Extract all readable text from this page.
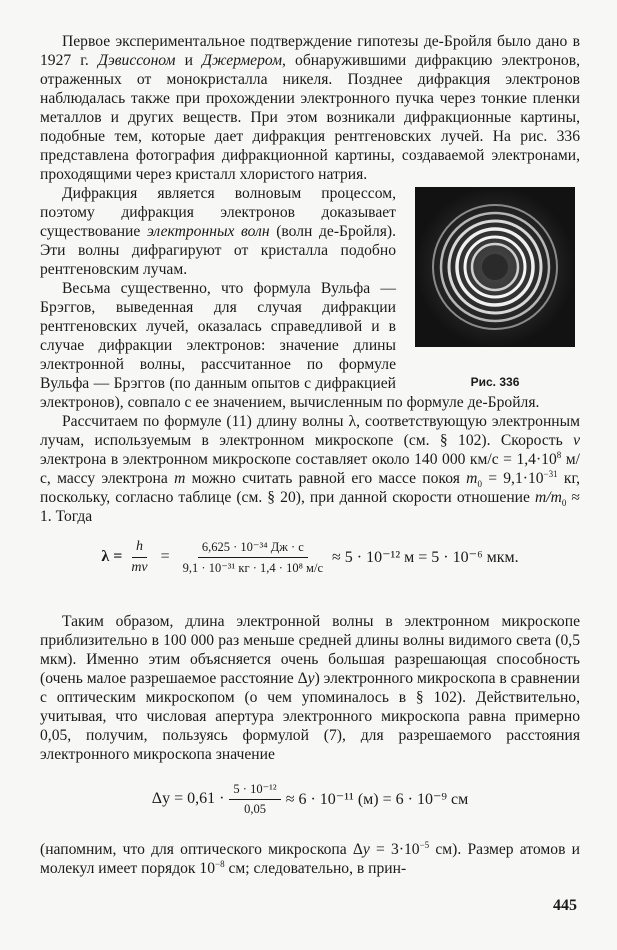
Первое экспериментальное подтверждение гипотезы де-Бройля было дано в 1927 г. Дэвиссоном и Джермером, обнаружившими дифракцию электронов, отраженных от монокристалла никеля. Позднее дифракция электронов наблюдалась также при прохождении электронного пучка через тонкие пленки металлов и других веществ. При этом возникали дифракционные картины, подобные тем, которые дает дифракция рентгеновских лучей. На рис. 336 представлена фотография дифракционной картины, создаваемой электронами, проходящими через кристалл хлористого натрия.

Рис. 336

Дифракция является волновым процессом, поэтому дифракция электронов доказывает существование электронных волн (волн де-Бройля). Эти волны дифрагируют от кристалла подобно рентгеновским лучам.

Весьма существенно, что формула Вульфа — Брэггов, выведенная для случая дифракции рентгеновских лучей, оказалась справедливой и в случае дифракции электронов: значение длины электронной волны, рассчитанное по формуле Вульфа — Брэггов (по данным опытов с дифракцией электронов), совпало с ее значением, вычисленным по формуле де-Бройля.

Рассчитаем по формуле (11) длину волны λ, соответствующую электронным лучам, используемым в электронном микроскопе (см. § 102). Скорость v электрона в электронном микроскопе составляет около 140 000 $км/с = 1,4\cdot 10^8$ м/с, массу электрона m можно считать равной его массе покоя $m_0 = 9,1\cdot 10^{-31}$ кг, поскольку, согласно таблице (см. § 20), при данной скорости отношение $m/m_0 \approx 1$. Тогда

$\lambda = \frac{h}{mv} = \frac{\text{6,625 · 10⁻³⁴ Дж · с}}{\text{9,1 · 10⁻³¹ кг · 1,4 · 10⁸ м/с}} \approx 5 \cdot 10^{-12}$ м = 5 · 10⁻⁶ мкм.

Таким образом, длина электронной волны в электронном микроскопе приблизительно в 100 000 раз меньше средней длины волны видимого света (0,5 мкм). Именно этим объясняется очень большая разрешающая способность (очень малое разрешаемое расстояние Δy) электронного микроскопа в сравнении с оптическим микроскопом (о чем упоминалось в § 102). Действительно, учитывая, что числовая апертура электронного микроскопа равна примерно 0,05, получим, пользуясь формулой (7), для разрешаемого расстояния электронного микроскопа значение

$\Delta y = 0,61 \cdot \frac{\text{5 · 10⁻¹²}}{0,05} \approx 6 \cdot 10^{-11}$ (м) = 6 · 10⁻⁹ см

(напомним, что для оптического микроскопа $\Delta y = 3\cdot 10^{-5}$ см). Размер атомов и молекул имеет порядок $10^{-8}$ см; следовательно, в прин-

445
